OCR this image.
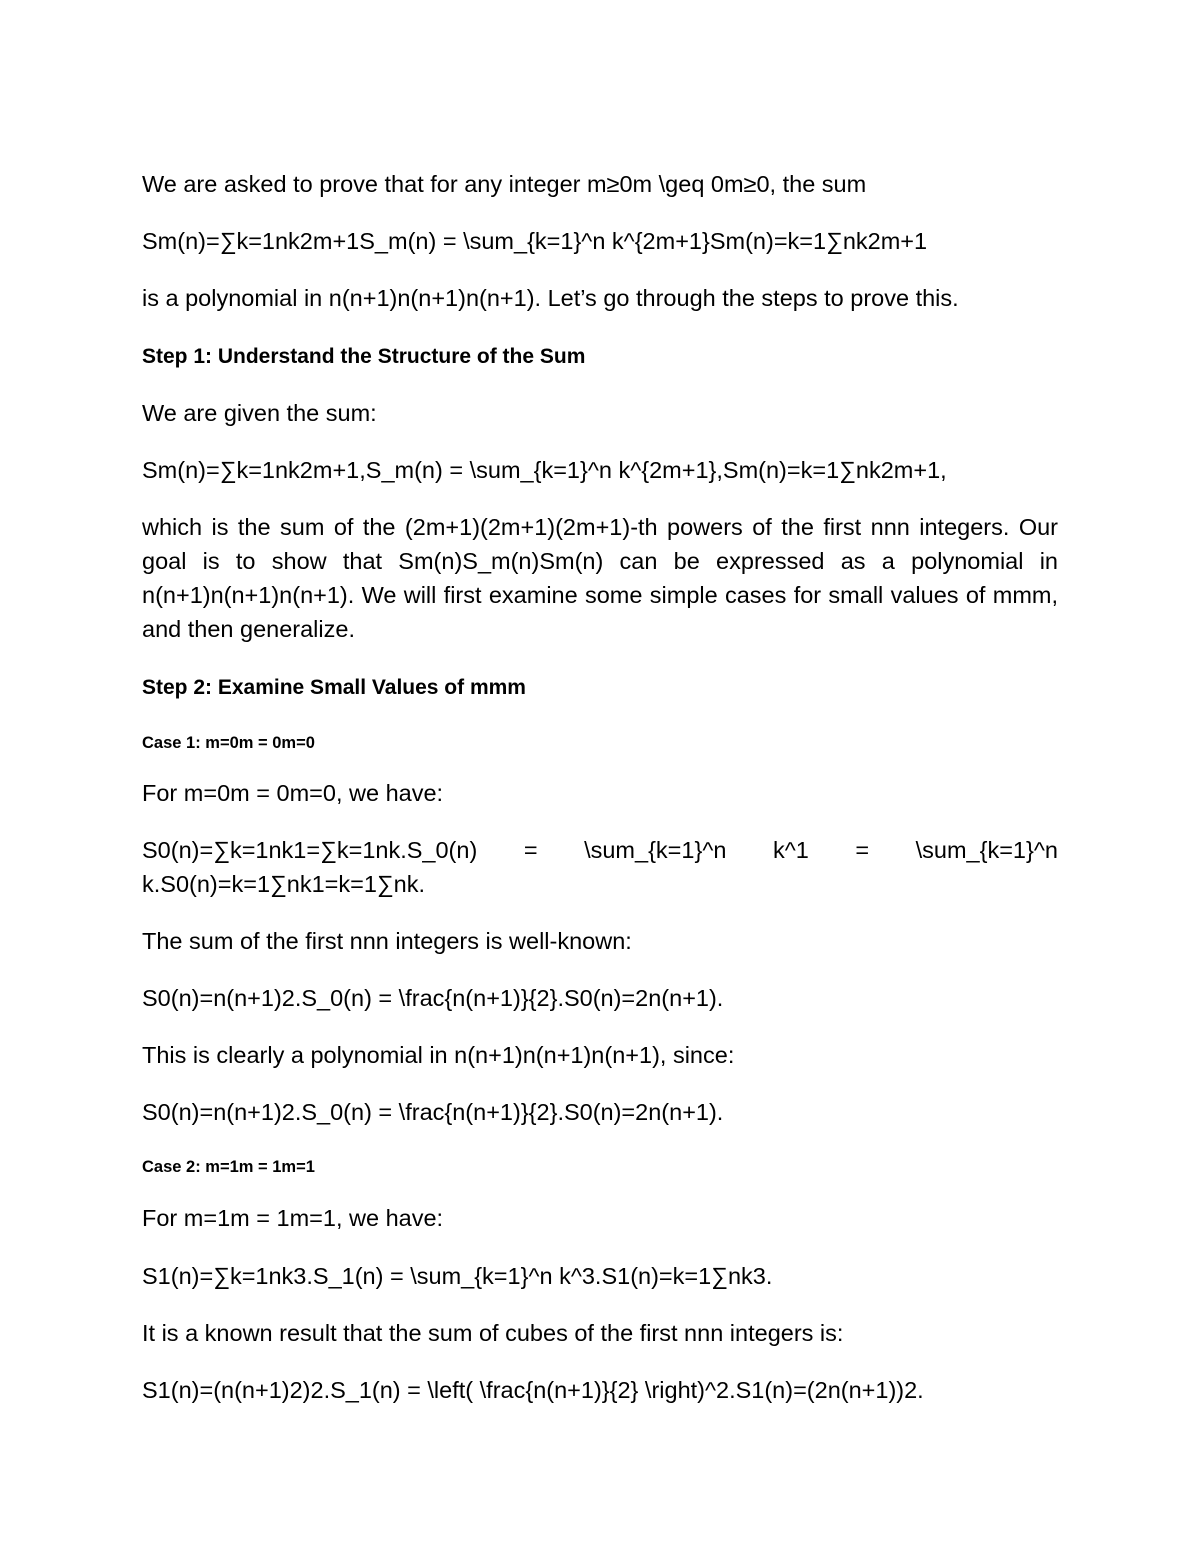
We are asked to prove that for any integer m≥0m \geq 0m≥0, the sum
Sm(n)=∑k=1nk2m+1S_m(n) = \sum_{k=1}^n k^{2m+1}Sm(n)=k=1∑nk2m+1
is a polynomial in n(n+1)n(n+1)n(n+1). Let’s go through the steps to prove this.
Step 1: Understand the Structure of the Sum
We are given the sum:
Sm(n)=∑k=1nk2m+1,S_m(n) = \sum_{k=1}^n k^{2m+1},Sm(n)=k=1∑nk2m+1,
which is the sum of the (2m+1)(2m+1)(2m+1)-th powers of the first nnn integers. Our goal is to show that Sm(n)S_m(n)Sm(n) can be expressed as a polynomial in n(n+1)n(n+1)n(n+1). We will first examine some simple cases for small values of mmm, and then generalize.
Step 2: Examine Small Values of mmm
Case 1: m=0m = 0m=0
For m=0m = 0m=0, we have:
S0(n)=∑k=1nk1=∑k=1nk.S_0(n) = \sum_{k=1}^n k^1 = \sum_{k=1}^n
k.S0(n)=k=1∑nk1=k=1∑nk.
The sum of the first nnn integers is well-known:
S0(n)=n(n+1)2.S_0(n) = \frac{n(n+1)}{2}.S0(n)=2n(n+1).
This is clearly a polynomial in n(n+1)n(n+1)n(n+1), since:
S0(n)=n(n+1)2.S_0(n) = \frac{n(n+1)}{2}.S0(n)=2n(n+1).
Case 2: m=1m = 1m=1
For m=1m = 1m=1, we have:
S1(n)=∑k=1nk3.S_1(n) = \sum_{k=1}^n k^3.S1(n)=k=1∑nk3.
It is a known result that the sum of cubes of the first nnn integers is:
S1(n)=(n(n+1)2)2.S_1(n) = \left( \frac{n(n+1)}{2} \right)^2.S1(n)=(2n(n+1))2.
